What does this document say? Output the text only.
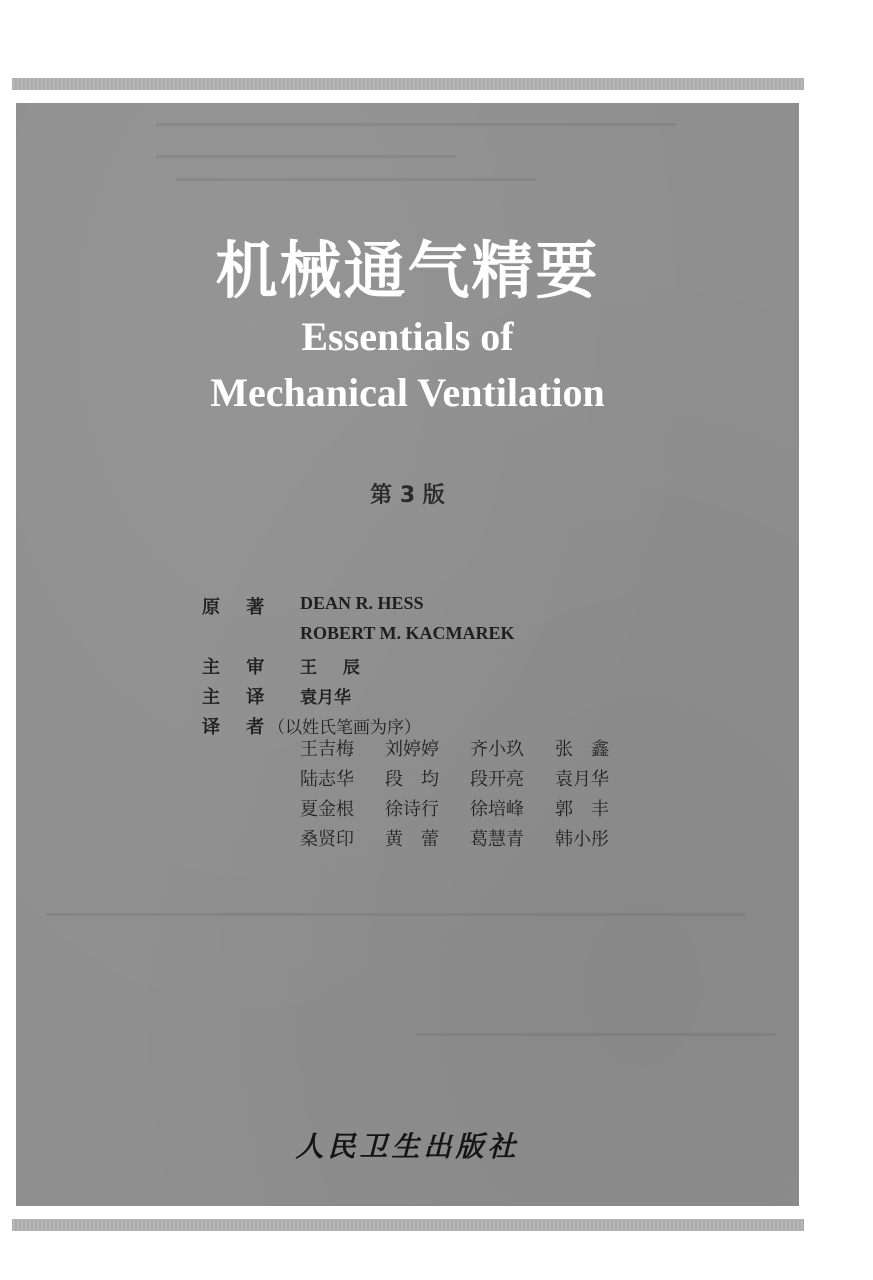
机械通气精要
Essentials of
Mechanical Ventilation
第 3 版
原 著 DEAN R. HESS
ROBERT M. KACMAREK
主 审 王 辰
主 译 袁月华
译 者
（以姓氏笔画为序）
王吉梅	刘婷婷	齐小玖	张　鑫
陆志华	段　均	段开亮	袁月华
夏金根	徐诗行	徐培峰	郭　丰
桑贤印	黄　蕾	葛慧青	韩小彤
人民卫生出版社
